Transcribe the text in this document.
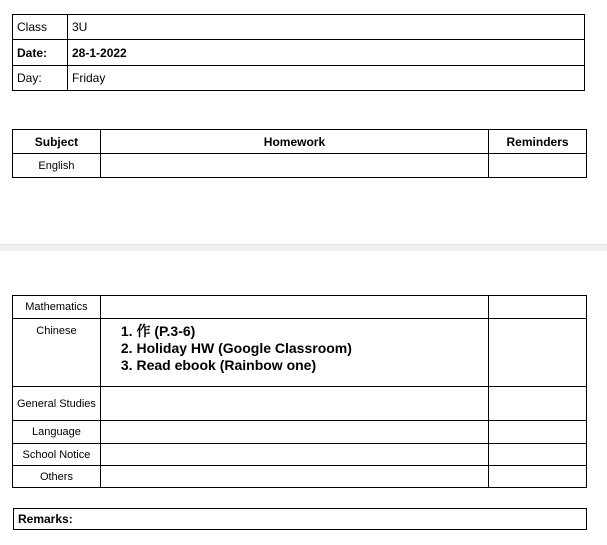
Class	3U
Date:	28-1-2022
Day:	Friday
Subject	Homework	Reminders
English		
Mathematics		
Chinese	1. 作 (P.3-6)
2. Holiday HW (Google Classroom)
3. Read ebook (Rainbow one)	

General Studies		
Language		
School Notice		
Others		
Remarks:
